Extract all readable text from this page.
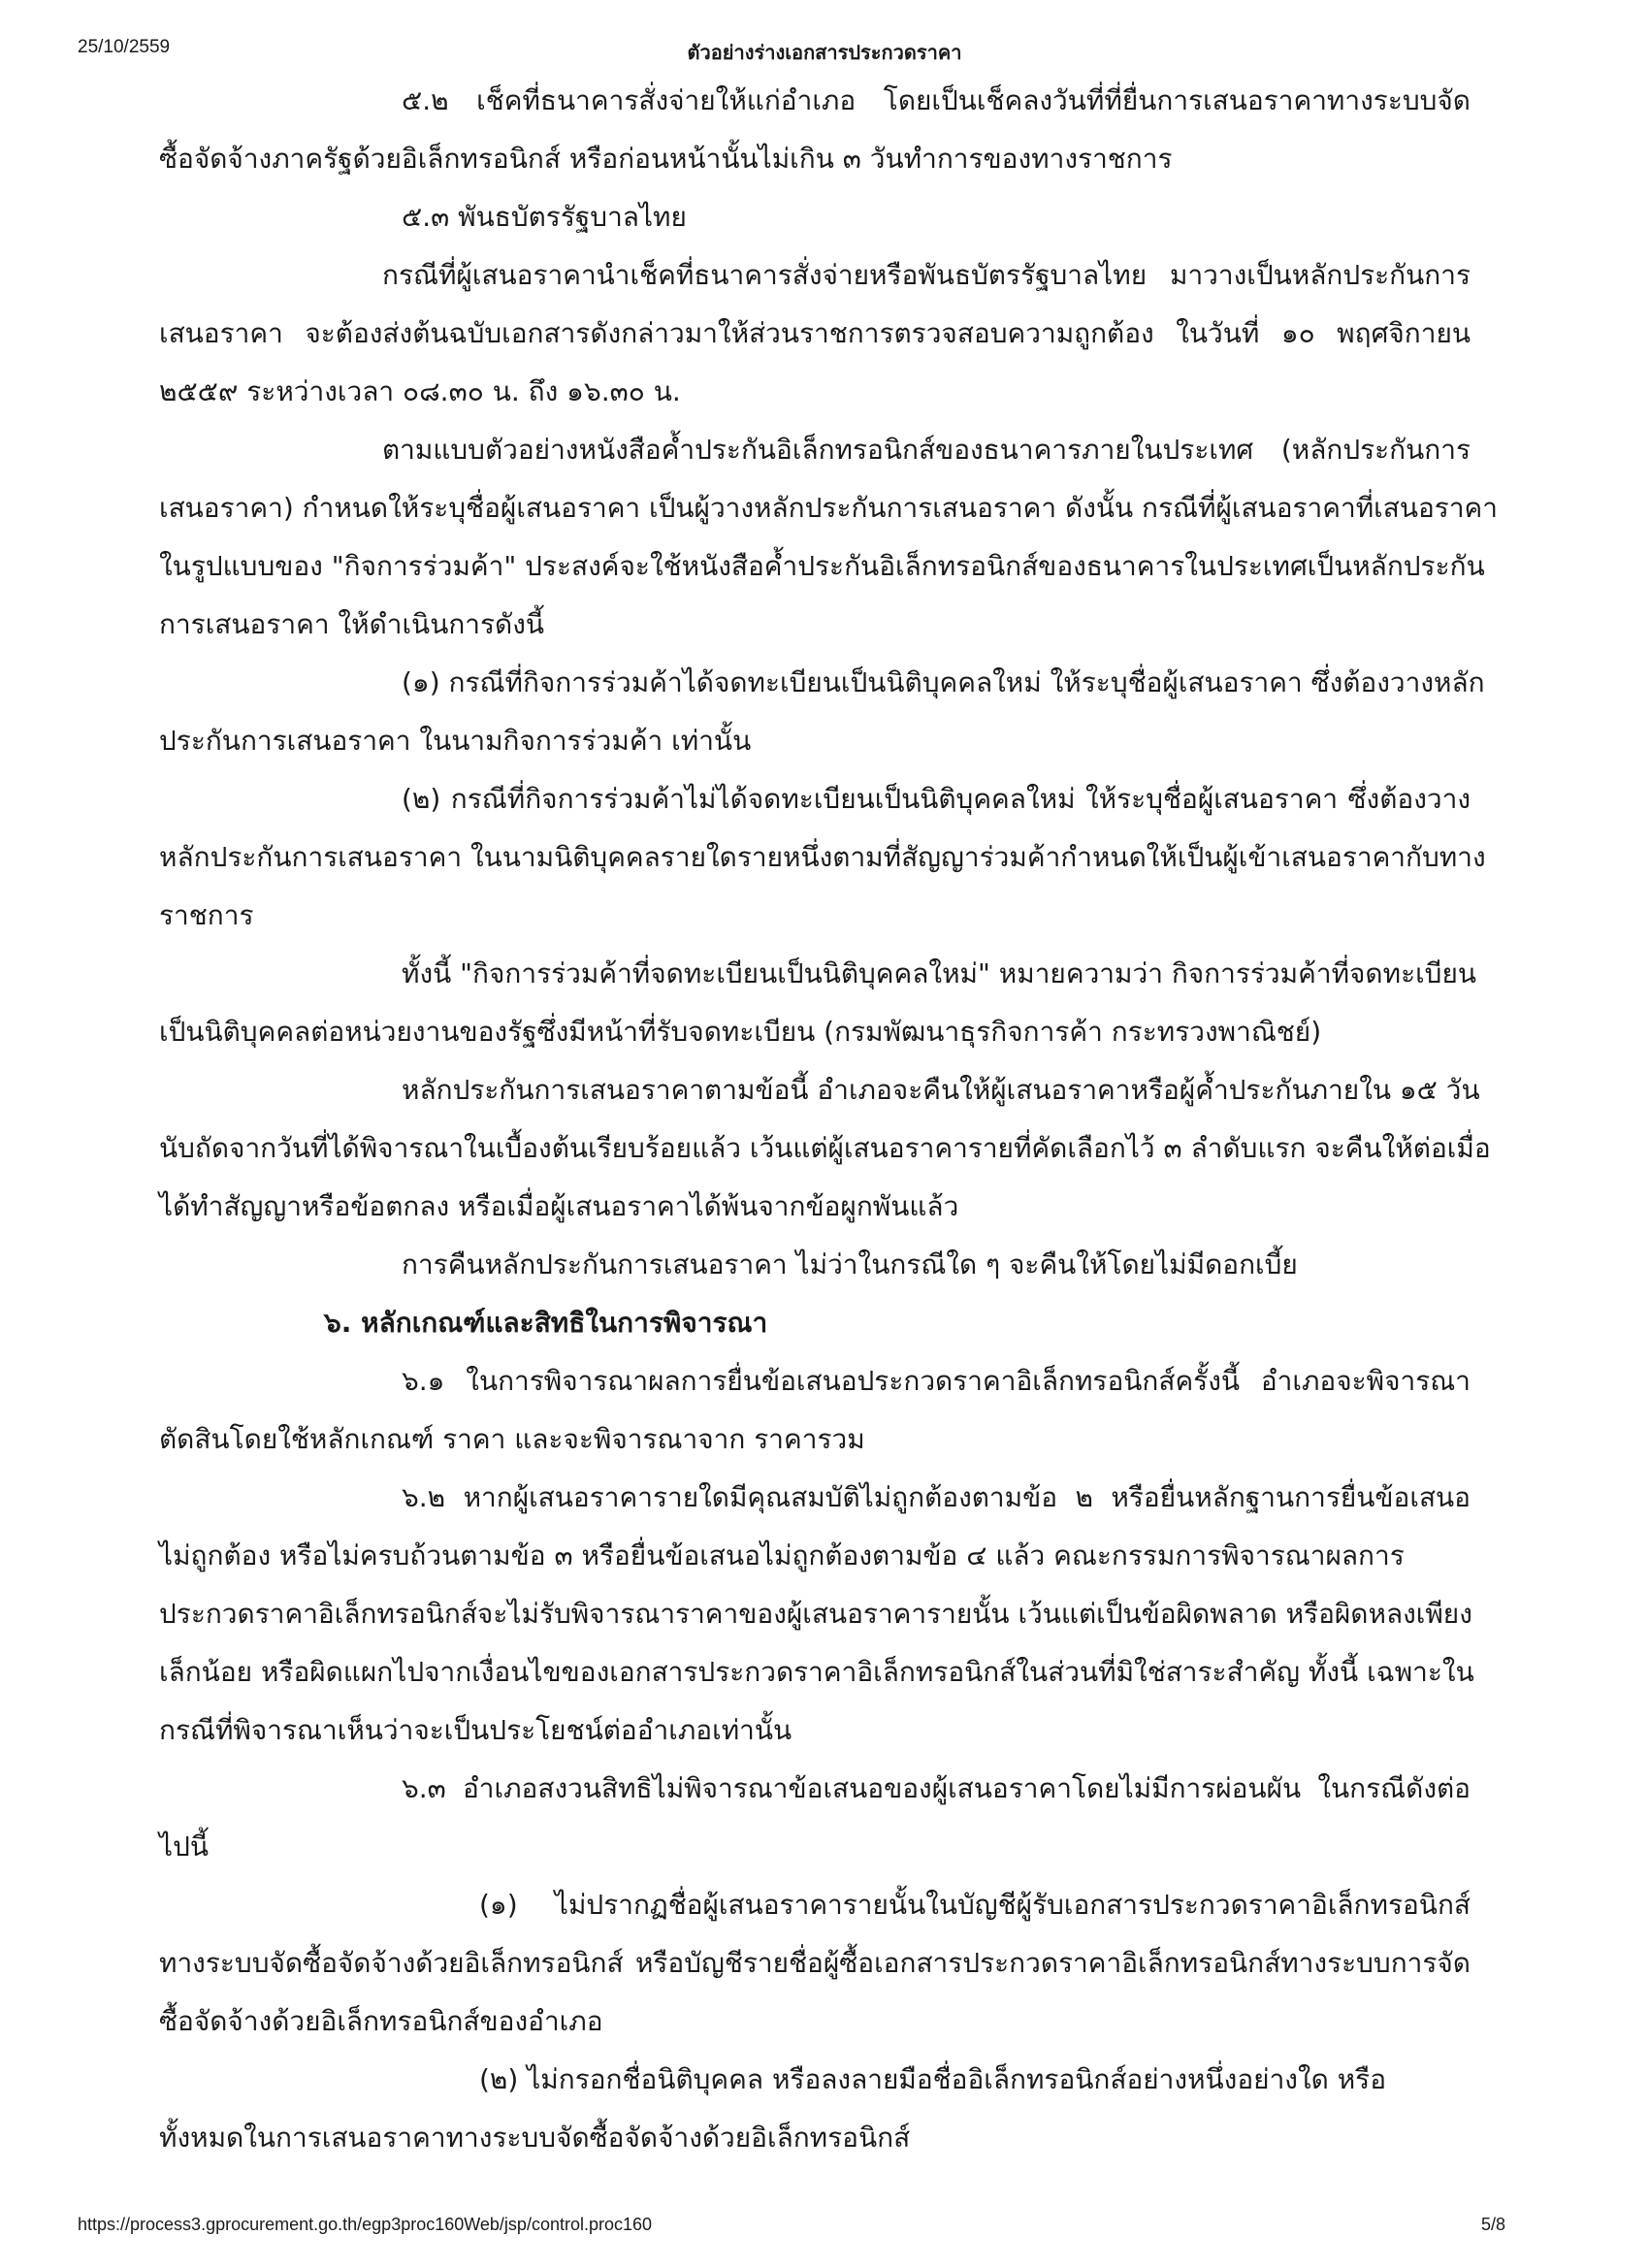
25/10/2559	ตัวอย่างร่างเอกสารประกวดราคา
๕.๒ เช็คที่ธนาคารสั่งจ่ายให้แก่อำเภอ โดยเป็นเช็คลงวันที่ที่ยื่นการเสนอราคาทางระบบจัด
ซื้อจัดจ้างภาครัฐด้วยอิเล็กทรอนิกส์ หรือก่อนหน้านั้นไม่เกิน ๓ วันทำการของทางราชการ
๕.๓ พันธบัตรรัฐบาลไทย
กรณีที่ผู้เสนอราคานำเช็คที่ธนาคารสั่งจ่ายหรือพันธบัตรรัฐบาลไทย มาวางเป็นหลักประกันการ
เสนอราคา จะต้องส่งต้นฉบับเอกสารดังกล่าวมาให้ส่วนราชการตรวจสอบความถูกต้อง ในวันที่ ๑๐ พฤศจิกายน
๒๕๕๙ ระหว่างเวลา ๐๘.๓๐ น. ถึง ๑๖.๓๐ น.
ตามแบบตัวอย่างหนังสือค้ำประกันอิเล็กทรอนิกส์ของธนาคารภายในประเทศ (หลักประกันการ
เสนอราคา) กำหนดให้ระบุชื่อผู้เสนอราคา เป็นผู้วางหลักประกันการเสนอราคา ดังนั้น กรณีที่ผู้เสนอราคาที่เสนอราคา
ในรูปแบบของ "กิจการร่วมค้า" ประสงค์จะใช้หนังสือค้ำประกันอิเล็กทรอนิกส์ของธนาคารในประเทศเป็นหลักประกัน
การเสนอราคา ให้ดำเนินการดังนี้
(๑) กรณีที่กิจการร่วมค้าได้จดทะเบียนเป็นนิติบุคคลใหม่ ให้ระบุชื่อผู้เสนอราคา ซึ่งต้องวางหลัก
ประกันการเสนอราคา ในนามกิจการร่วมค้า เท่านั้น
(๒) กรณีที่กิจการร่วมค้าไม่ได้จดทะเบียนเป็นนิติบุคคลใหม่ ให้ระบุชื่อผู้เสนอราคา ซึ่งต้องวาง
หลักประกันการเสนอราคา ในนามนิติบุคคลรายใดรายหนึ่งตามที่สัญญาร่วมค้ากำหนดให้เป็นผู้เข้าเสนอราคากับทาง
ราชการ
ทั้งนี้ "กิจการร่วมค้าที่จดทะเบียนเป็นนิติบุคคลใหม่" หมายความว่า กิจการร่วมค้าที่จดทะเบียน
เป็นนิติบุคคลต่อหน่วยงานของรัฐซึ่งมีหน้าที่รับจดทะเบียน (กรมพัฒนาธุรกิจการค้า กระทรวงพาณิชย์)
หลักประกันการเสนอราคาตามข้อนี้ อำเภอจะคืนให้ผู้เสนอราคาหรือผู้ค้ำประกันภายใน ๑๕ วัน
นับถัดจากวันที่ได้พิจารณาในเบื้องต้นเรียบร้อยแล้ว เว้นแต่ผู้เสนอราคารายที่คัดเลือกไว้ ๓ ลำดับแรก จะคืนให้ต่อเมื่อ
ได้ทำสัญญาหรือข้อตกลง หรือเมื่อผู้เสนอราคาได้พ้นจากข้อผูกพันแล้ว
การคืนหลักประกันการเสนอราคา ไม่ว่าในกรณีใด ๆ จะคืนให้โดยไม่มีดอกเบี้ย
๖. หลักเกณฑ์และสิทธิในการพิจารณา
๖.๑ ในการพิจารณาผลการยื่นข้อเสนอประกวดราคาอิเล็กทรอนิกส์ครั้งนี้ อำเภอจะพิจารณา
ตัดสินโดยใช้หลักเกณฑ์ ราคา และจะพิจารณาจาก ราคารวม
๖.๒ หากผู้เสนอราคารายใดมีคุณสมบัติไม่ถูกต้องตามข้อ ๒ หรือยื่นหลักฐานการยื่นข้อเสนอ
ไม่ถูกต้อง หรือไม่ครบถ้วนตามข้อ ๓ หรือยื่นข้อเสนอไม่ถูกต้องตามข้อ ๔ แล้ว คณะกรรมการพิจารณาผลการ
ประกวดราคาอิเล็กทรอนิกส์จะไม่รับพิจารณาราคาของผู้เสนอราคารายนั้น เว้นแต่เป็นข้อผิดพลาด หรือผิดหลงเพียง
เล็กน้อย หรือผิดแผกไปจากเงื่อนไขของเอกสารประกวดราคาอิเล็กทรอนิกส์ในส่วนที่มิใช่สาระสำคัญ ทั้งนี้ เฉพาะใน
กรณีที่พิจารณาเห็นว่าจะเป็นประโยชน์ต่ออำเภอเท่านั้น
๖.๓ อำเภอสงวนสิทธิไม่พิจารณาข้อเสนอของผู้เสนอราคาโดยไม่มีการผ่อนผัน ในกรณีดังต่อ
ไปนี้
(๑) ไม่ปรากฏชื่อผู้เสนอราคารายนั้นในบัญชีผู้รับเอกสารประกวดราคาอิเล็กทรอนิกส์
ทางระบบจัดซื้อจัดจ้างด้วยอิเล็กทรอนิกส์ หรือบัญชีรายชื่อผู้ซื้อเอกสารประกวดราคาอิเล็กทรอนิกส์ทางระบบการจัด
ซื้อจัดจ้างด้วยอิเล็กทรอนิกส์ของอำเภอ
(๒) ไม่กรอกชื่อนิติบุคคล หรือลงลายมือชื่ออิเล็กทรอนิกส์อย่างหนึ่งอย่างใด หรือ
ทั้งหมดในการเสนอราคาทางระบบจัดซื้อจัดจ้างด้วยอิเล็กทรอนิกส์
https://process3.gprocurement.go.th/egp3proc160Web/jsp/control.proc160	5/8
